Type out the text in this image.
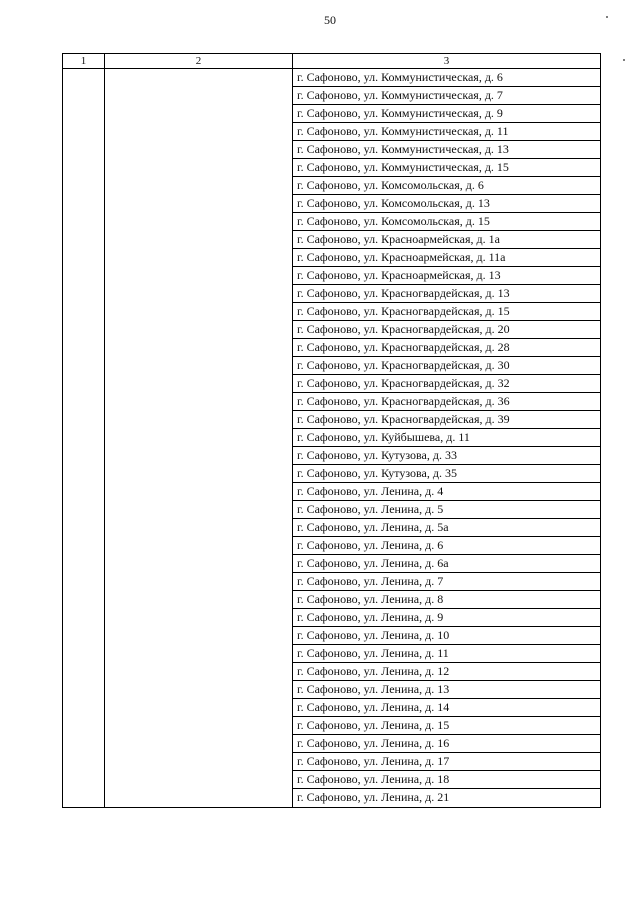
50
1	2	3
г. Сафоново, ул. Коммунистическая, д. 6
г. Сафоново, ул. Коммунистическая, д. 7
г. Сафоново, ул. Коммунистическая, д. 9
г. Сафоново, ул. Коммунистическая, д. 11
г. Сафоново, ул. Коммунистическая, д. 13
г. Сафоново, ул. Коммунистическая, д. 15
г. Сафоново, ул. Комсомольская, д. 6
г. Сафоново, ул. Комсомольская, д. 13
г. Сафоново, ул. Комсомольская, д. 15
г. Сафоново, ул. Красноармейская, д. 1а
г. Сафоново, ул. Красноармейская, д. 11а
г. Сафоново, ул. Красноармейская, д. 13
г. Сафоново, ул. Красногвардейская, д. 13
г. Сафоново, ул. Красногвардейская, д. 15
г. Сафоново, ул. Красногвардейская, д. 20
г. Сафоново, ул. Красногвардейская, д. 28
г. Сафоново, ул. Красногвардейская, д. 30
г. Сафоново, ул. Красногвардейская, д. 32
г. Сафоново, ул. Красногвардейская, д. 36
г. Сафоново, ул. Красногвардейская, д. 39
г. Сафоново, ул. Куйбышева, д. 11
г. Сафоново, ул. Кутузова, д. 33
г. Сафоново, ул. Кутузова, д. 35
г. Сафоново, ул. Ленина, д. 4
г. Сафоново, ул. Ленина, д. 5
г. Сафоново, ул. Ленина, д. 5а
г. Сафоново, ул. Ленина, д. 6
г. Сафоново, ул. Ленина, д. 6а
г. Сафоново, ул. Ленина, д. 7
г. Сафоново, ул. Ленина, д. 8
г. Сафоново, ул. Ленина, д. 9
г. Сафоново, ул. Ленина, д. 10
г. Сафоново, ул. Ленина, д. 11
г. Сафоново, ул. Ленина, д. 12
г. Сафоново, ул. Ленина, д. 13
г. Сафоново, ул. Ленина, д. 14
г. Сафоново, ул. Ленина, д. 15
г. Сафоново, ул. Ленина, д. 16
г. Сафоново, ул. Ленина, д. 17
г. Сафоново, ул. Ленина, д. 18
г. Сафоново, ул. Ленина, д. 21
